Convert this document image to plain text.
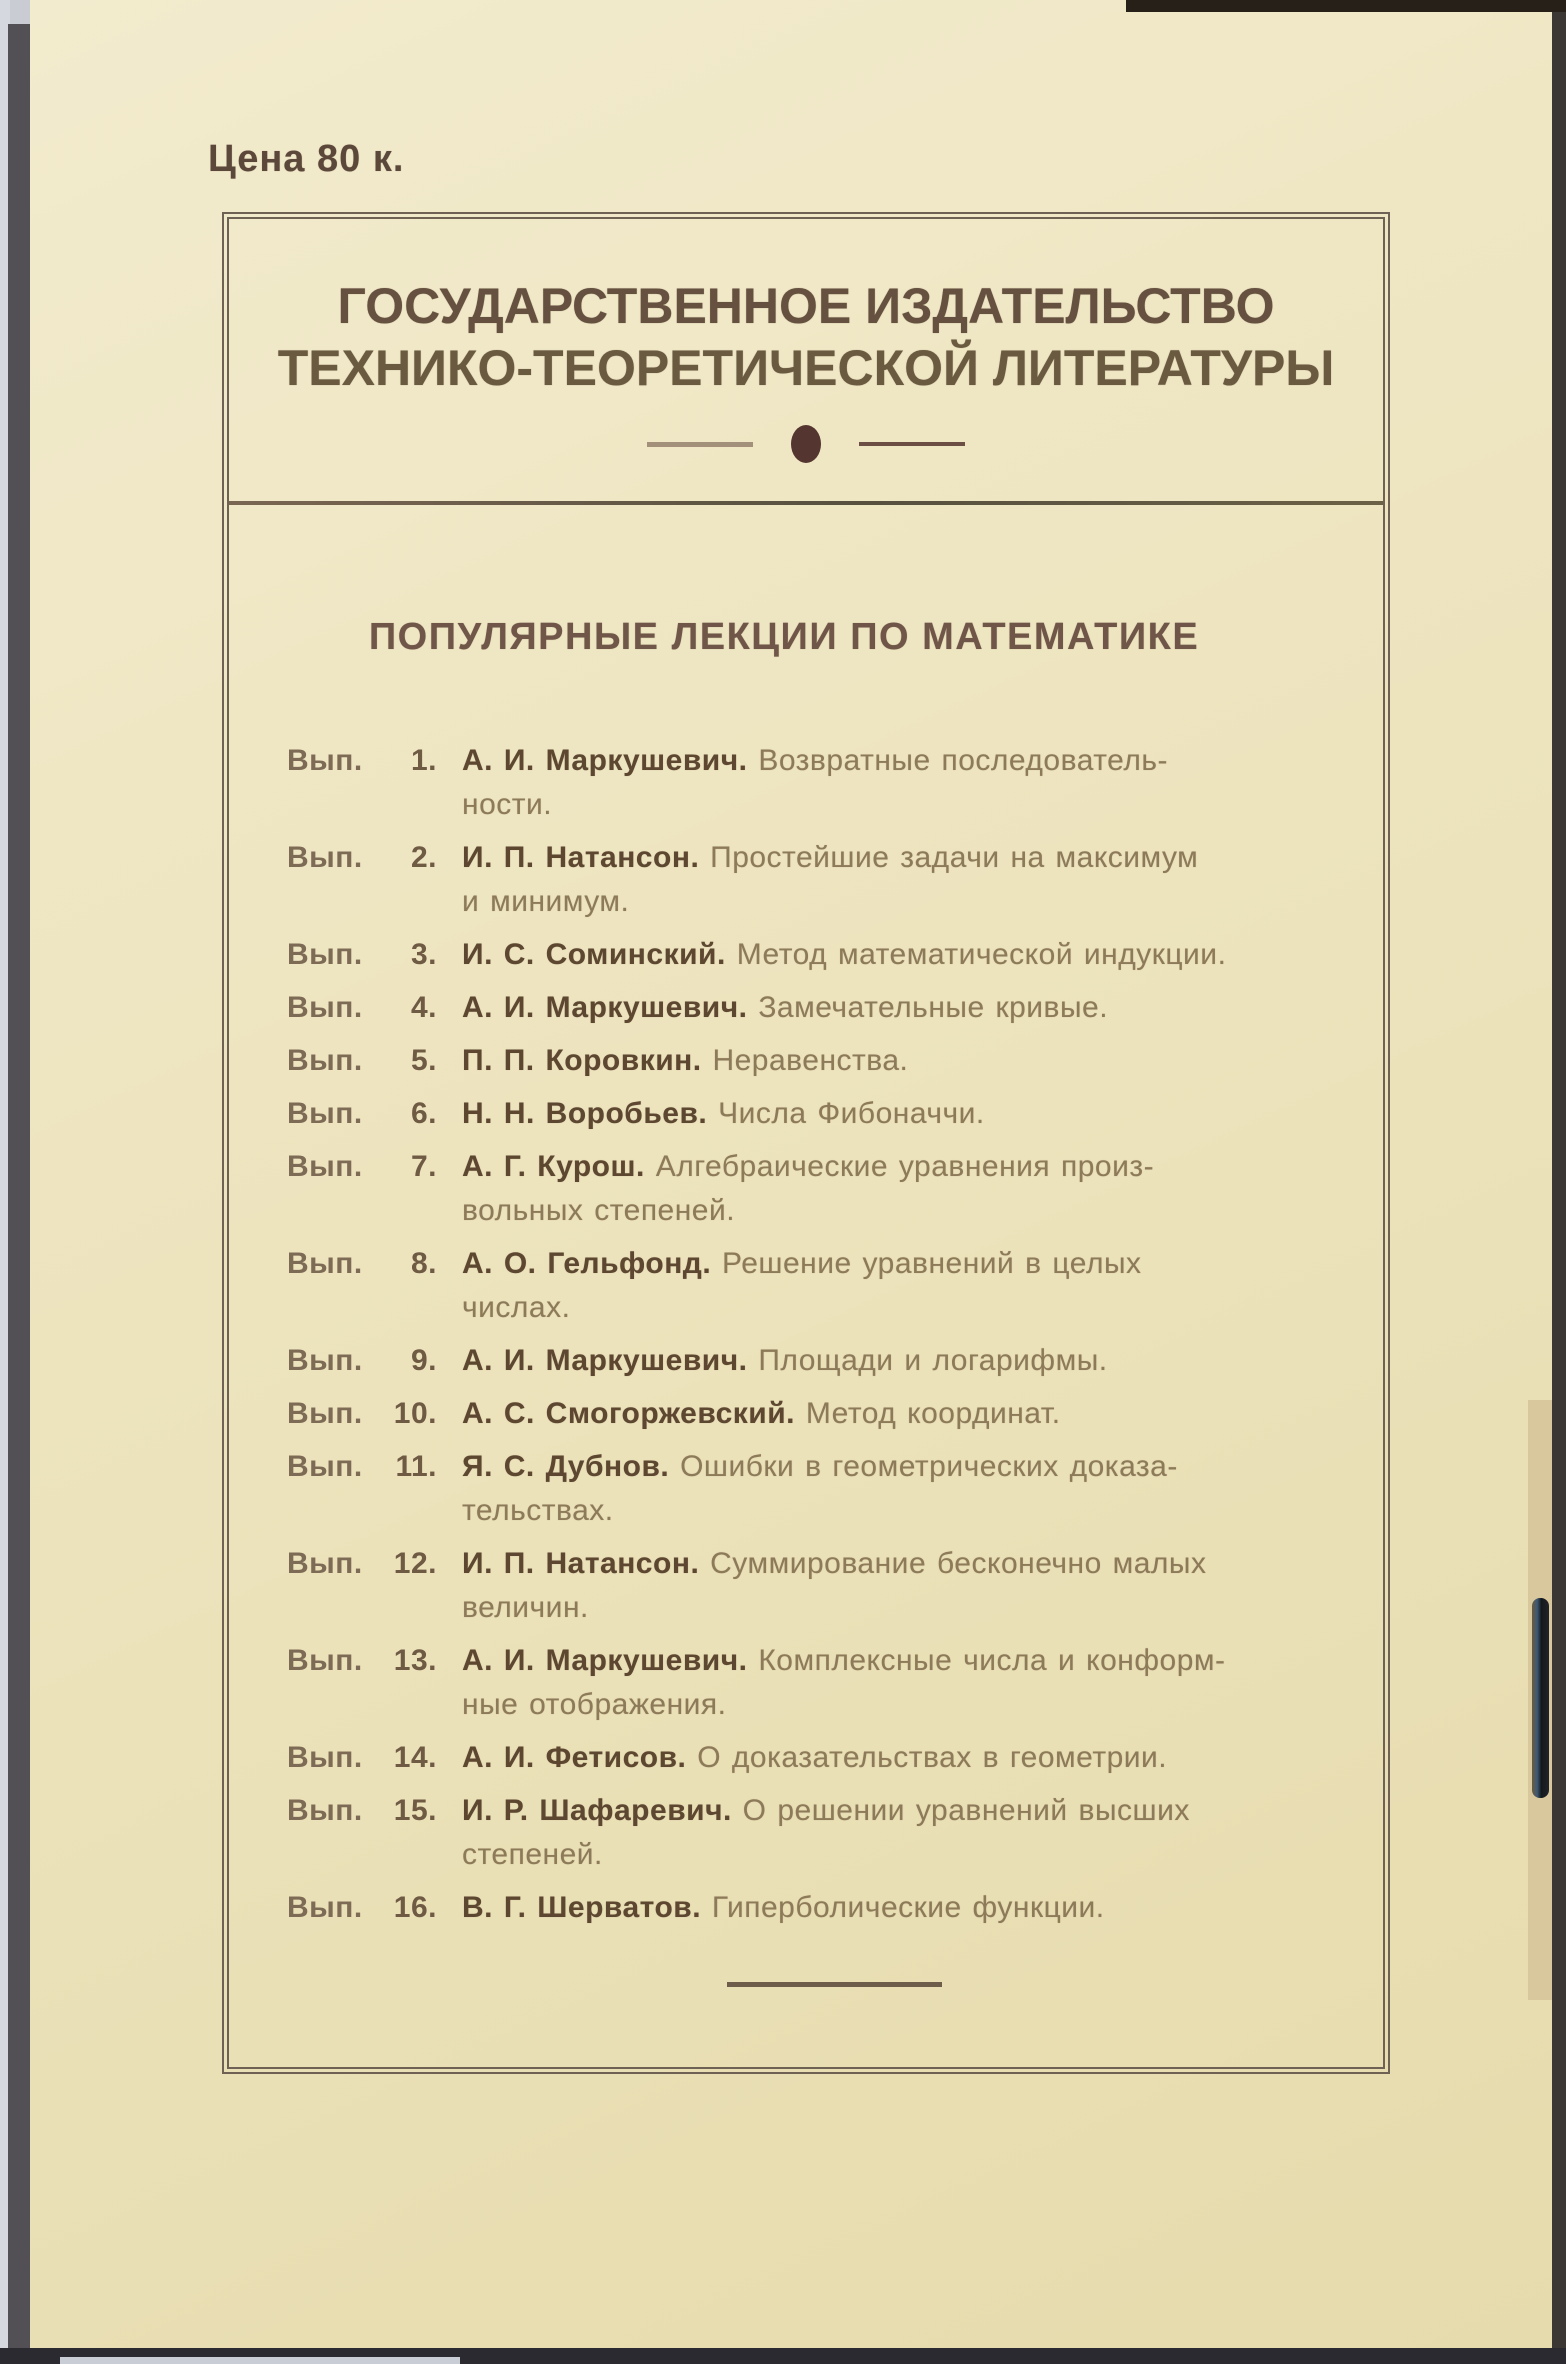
Цена 80 к.
ГОСУДАРСТВЕННОЕ ИЗДАТЕЛЬСТВО
ТЕХНИКО-ТЕОРЕТИЧЕСКОЙ ЛИТЕРАТУРЫ
ПОПУЛЯРНЫЕ ЛЕКЦИИ ПО МАТЕМАТИКЕ
Вып.	1. А. И. Маркушевич. Возвратные последователь-
ности.
Вып.	2. И. П. Натансон. Простейшие задачи на максимум
и минимум.
Вып.	3. И. С. Соминский. Метод математической индукции.
Вып.	4. А. И. Маркушевич. Замечательные кривые.
Вып.	5. П. П. Коровкин. Неравенства.
Вып.	6. Н. Н. Воробьев. Числа Фибоначчи.
Вып.	7. А. Г. Курош. Алгебраические уравнения произ-
вольных степеней.
Вып.	8. А. О. Гельфонд. Решение уравнений в целых
числах.
Вып.	9. А. И. Маркушевич. Площади и логарифмы.
Вып.	10. А. С. Смогоржевский. Метод координат.
Вып.	11. Я. С. Дубнов. Ошибки в геометрических доказа-
тельствах.
Вып.	12. И. П. Натансон. Суммирование бесконечно малых
величин.
Вып.	13. А. И. Маркушевич. Комплексные числа и конформ-
ные отображения.
Вып.	14. А. И. Фетисов. О доказательствах в геометрии.
Вып.	15. И. Р. Шафаревич. О решении уравнений высших
степеней.
Вып.	16. В. Г. Шерватов. Гиперболические функции.
